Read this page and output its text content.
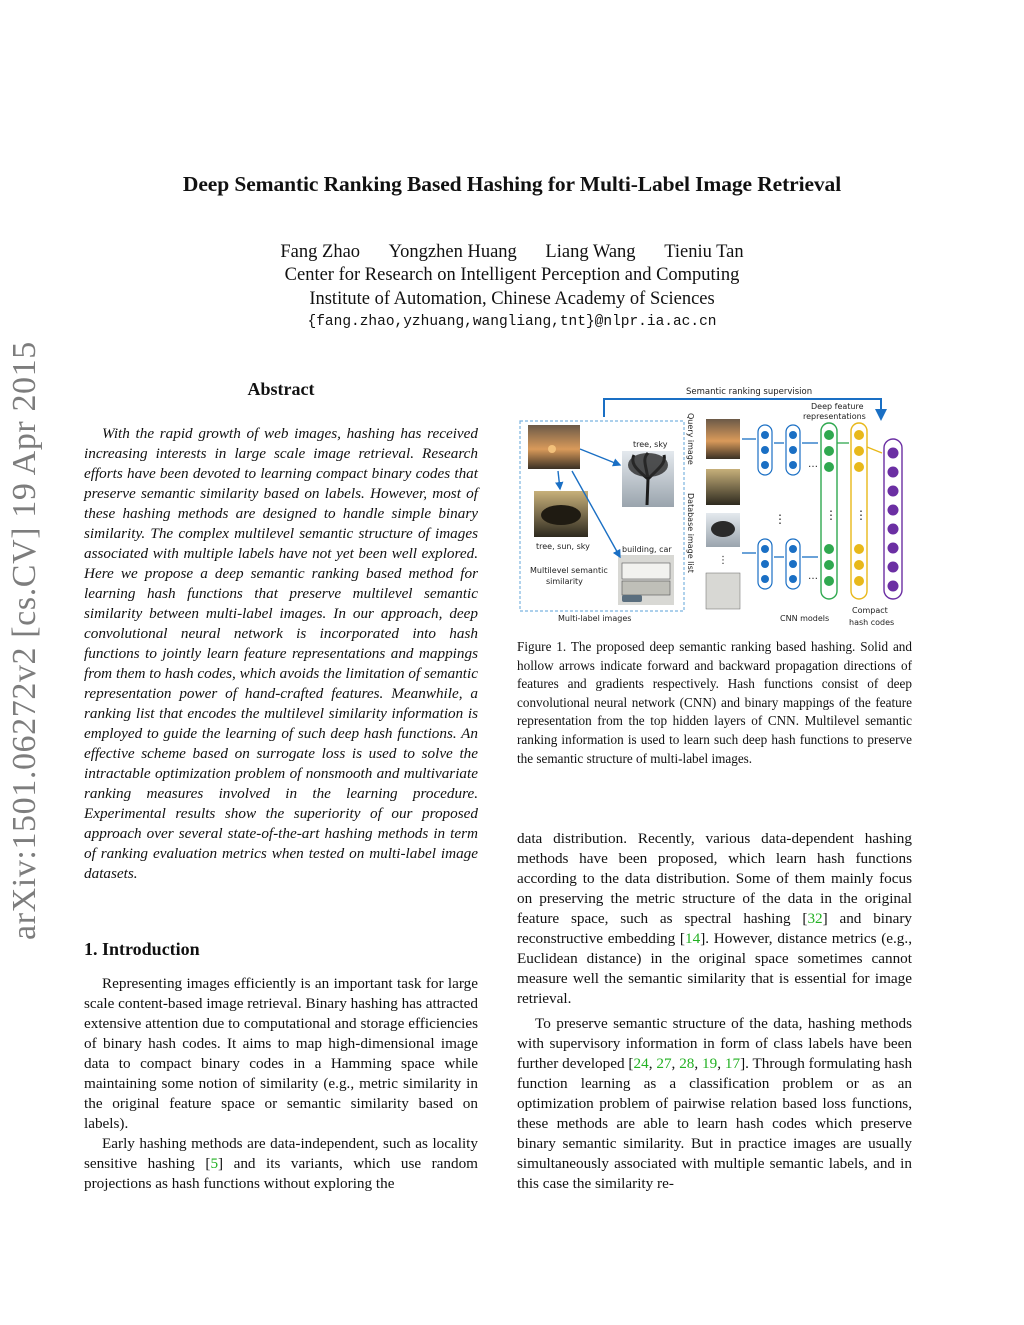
Deep Semantic Ranking Based Hashing for Multi-Label Image Retrieval
Fang Zhao Yongzhen Huang Liang Wang Tieniu Tan
Center for Research on Intelligent Perception and Computing
Institute of Automation, Chinese Academy of Sciences
{fang.zhao,yzhuang,wangliang,tnt}@nlpr.ia.ac.cn
arXiv:1501.06272v2 [cs.CV] 19 Apr 2015	Abstract
With the rapid growth of web images, hashing has received increasing interests in large scale image retrieval. Research efforts have been devoted to learning compact binary codes that preserve semantic similarity based on labels. However, most of these hashing methods are designed to handle simple binary similarity. The complex multilevel semantic structure of images associated with multiple labels have not yet been well explored. Here we propose a deep semantic ranking based method for learning hash functions that preserve multilevel semantic similarity between multi-label images. In our approach, deep convolutional neural network is incorporated into hash functions to jointly learn feature representations and mappings from them to hash codes, which avoids the limitation of semantic representation power of hand-crafted features. Meanwhile, a ranking list that encodes the multilevel similarity information is employed to guide the learning of such deep hash functions. An effective scheme based on surrogate loss is used to solve the intractable optimization problem of nonsmooth and multivariate ranking measures involved in the learning procedure. Experimental results show the superiority of our proposed approach over several state-of-the-art hashing methods in term of ranking evaluation metrics when tested on multi-label image datasets.
1. Introduction
Representing images efficiently is an important task for large scale content-based image retrieval. Binary hashing has attracted extensive attention due to computational and storage efficiencies of binary hash codes. It aims to map high-dimensional image data to compact binary codes in a Hamming space while maintaining some notion of similarity (e.g., metric similarity in the original feature space or semantic similarity based on labels).
Early hashing methods are data-independent, such as locality sensitive hashing [5] and its variants, which use random projections as hash functions without exploring the
Semantic ranking supervision
Multi-label images
tree, sky
tree, sun, sky	building, car
Multilevel semantic
similarity
Query image
Database image list ⋮
⋮
…
…
⋮ ⋮
Deep feature
representations
CNN models
Compact
hash codes
Figure 1. The proposed deep semantic ranking based hashing. Solid and hollow arrows indicate forward and backward propagation directions of features and gradients respectively. Hash functions consist of deep convolutional neural network (CNN) and binary mappings of the feature representation from the top hidden layers of CNN. Multilevel semantic ranking information is used to learn such deep hash functions to preserve the semantic structure of multi-label images.
data distribution. Recently, various data-dependent hashing methods have been proposed, which learn hash functions according to the data distribution. Some of them mainly focus on preserving the metric structure of the data in the original feature space, such as spectral hashing [32] and binary reconstructive embedding [14]. However, distance metrics (e.g., Euclidean distance) in the original space sometimes cannot measure well the semantic similarity that is essential for image retrieval.
To preserve semantic structure of the data, hashing methods with supervisory information in form of class labels have been further developed [24, 27, 28, 19, 17]. Through formulating hash function learning as a classification problem or as an optimization problem of pairwise relation based loss functions, these methods are able to learn hash codes which preserve binary semantic similarity. But in practice images are usually simultaneously associated with multiple semantic labels, and in this case the similarity re-
